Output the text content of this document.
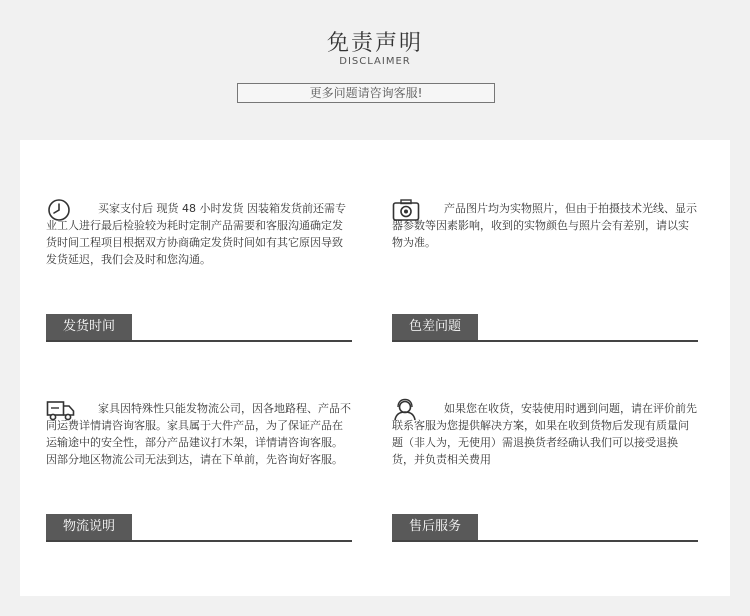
免责声明
DISCLAIMER
更多问题请咨询客服!
买家支付后 现货 48 小时发货 因装箱发货前还需专业工人进行最后检验较为耗时定制产品需要和客服沟通确定发货时间工程项目根据双方协商确定发货时间如有其它原因导致发货延迟，我们会及时和您沟通。
发货时间
产品图片均为实物照片，但由于拍摄技术光线、显示器参数等因素影响，收到的实物颜色与照片会有差别，请以实物为准。
色差问题
家具因特殊性只能发物流公司，因各地路程、产品不同运费详情请咨询客服。家具属于大件产品，为了保证产品在运输途中的安全性，部分产品建议打木架，详情请咨询客服。因部分地区物流公司无法到达，请在下单前，先咨询好客服。
物流说明
如果您在收货，安装使用时遇到问题，请在评价前先联系客服为您提供解决方案，如果在收到货物后发现有质量问题（非人为，无使用）需退换货者经确认我们可以接受退换货，并负责相关费用
售后服务
